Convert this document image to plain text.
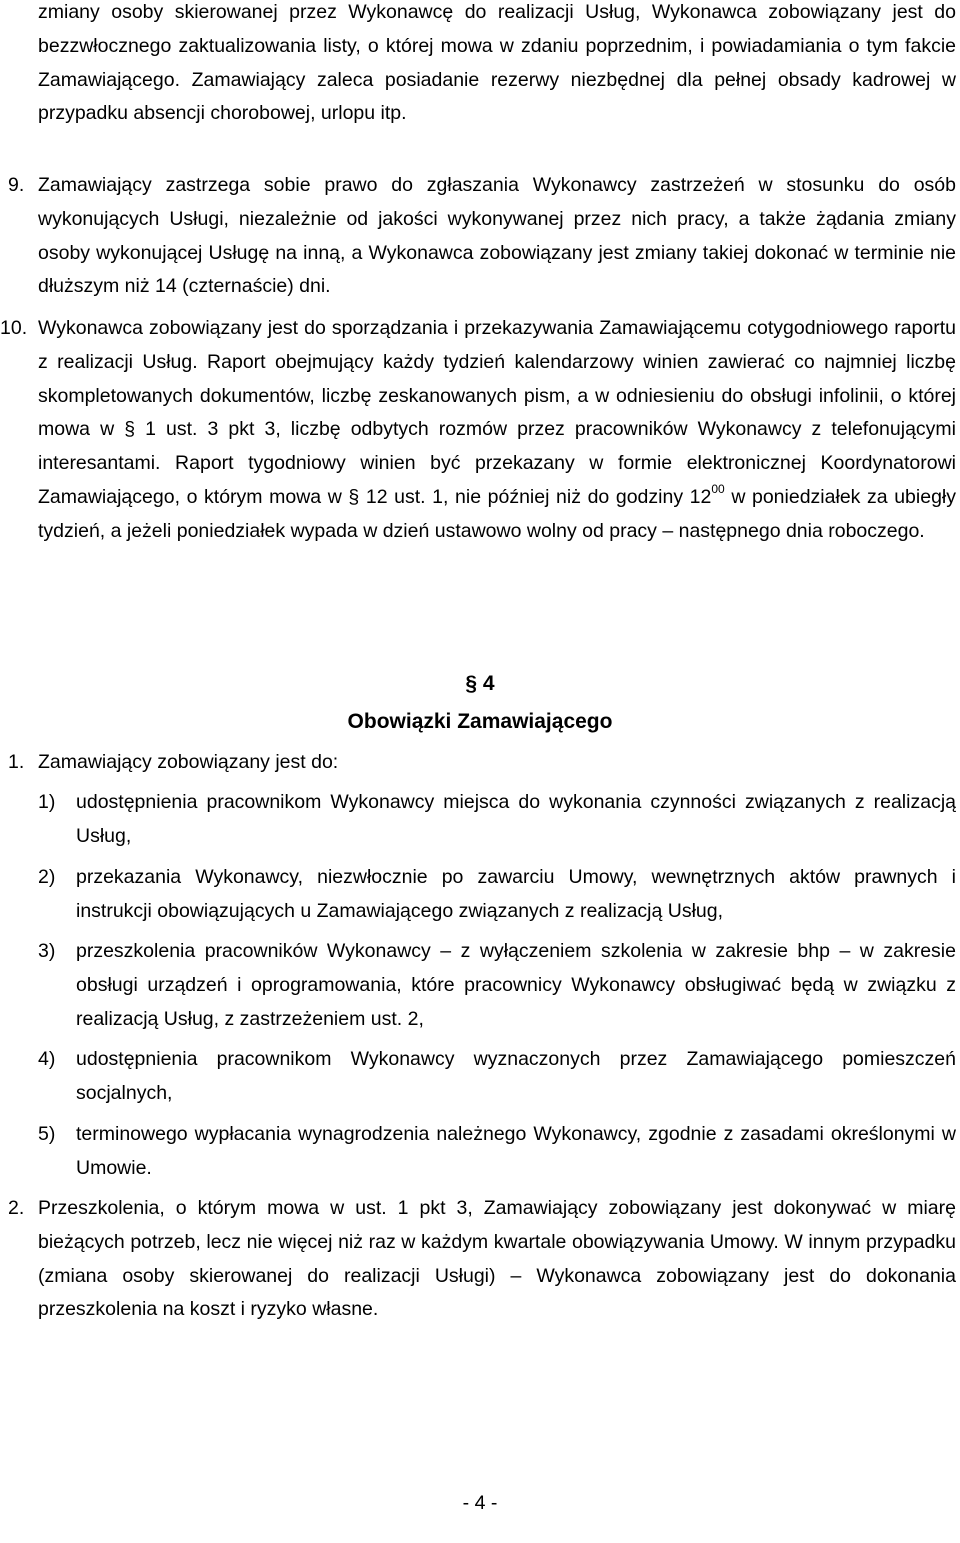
zmiany osoby skierowanej przez Wykonawcę do realizacji Usług, Wykonawca zobowiązany jest do bezzwłocznego zaktualizowania listy, o której mowa w zdaniu poprzednim, i powiadamiania o tym fakcie Zamawiającego. Zamawiający zaleca posiadanie rezerwy niezbędnej dla pełnej obsady kadrowej w przypadku absencji chorobowej, urlopu itp.
9. Zamawiający zastrzega sobie prawo do zgłaszania Wykonawcy zastrzeżeń w stosunku do osób wykonujących Usługi, niezależnie od jakości wykonywanej przez nich pracy, a także żądania zmiany osoby wykonującej Usługę na inną, a Wykonawca zobowiązany jest zmiany takiej dokonać w terminie nie dłuższym niż 14 (czternaście) dni.
10. Wykonawca zobowiązany jest do sporządzania i przekazywania Zamawiającemu cotygodniowego raportu z realizacji Usług. Raport obejmujący każdy tydzień kalendarzowy winien zawierać co najmniej liczbę skompletowanych dokumentów, liczbę zeskanowanych pism, a w odniesieniu do obsługi infolinii, o której mowa w § 1 ust. 3 pkt 3, liczbę odbytych rozmów przez pracowników Wykonawcy z telefonującymi interesantami. Raport tygodniowy winien być przekazany w formie elektronicznej Koordynatorowi Zamawiającego, o którym mowa w § 12 ust. 1, nie później niż do godziny $12^{00}$ w poniedziałek za ubiegły tydzień, a jeżeli poniedziałek wypada w dzień ustawowo wolny od pracy – następnego dnia roboczego.
§ 4
Obowiązki Zamawiającego
1. Zamawiający zobowiązany jest do:
1) udostępnienia pracownikom Wykonawcy miejsca do wykonania czynności związanych z realizacją Usług,
2) przekazania Wykonawcy, niezwłocznie po zawarciu Umowy, wewnętrznych aktów prawnych i instrukcji obowiązujących u Zamawiającego związanych z realizacją Usług,
3) przeszkolenia pracowników Wykonawcy – z wyłączeniem szkolenia w zakresie bhp – w zakresie obsługi urządzeń i oprogramowania, które pracownicy Wykonawcy obsługiwać będą w związku z realizacją Usług, z zastrzeżeniem ust. 2,
4) udostępnienia pracownikom Wykonawcy wyznaczonych przez Zamawiającego pomieszczeń socjalnych,
5) terminowego wypłacania wynagrodzenia należnego Wykonawcy, zgodnie z zasadami określonymi w Umowie.
2. Przeszkolenia, o którym mowa w ust. 1 pkt 3, Zamawiający zobowiązany jest dokonywać w miarę bieżących potrzeb, lecz nie więcej niż raz w każdym kwartale obowiązywania Umowy. W innym przypadku (zmiana osoby skierowanej do realizacji Usługi) – Wykonawca zobowiązany jest do dokonania przeszkolenia na koszt i ryzyko własne.
- 4 -
